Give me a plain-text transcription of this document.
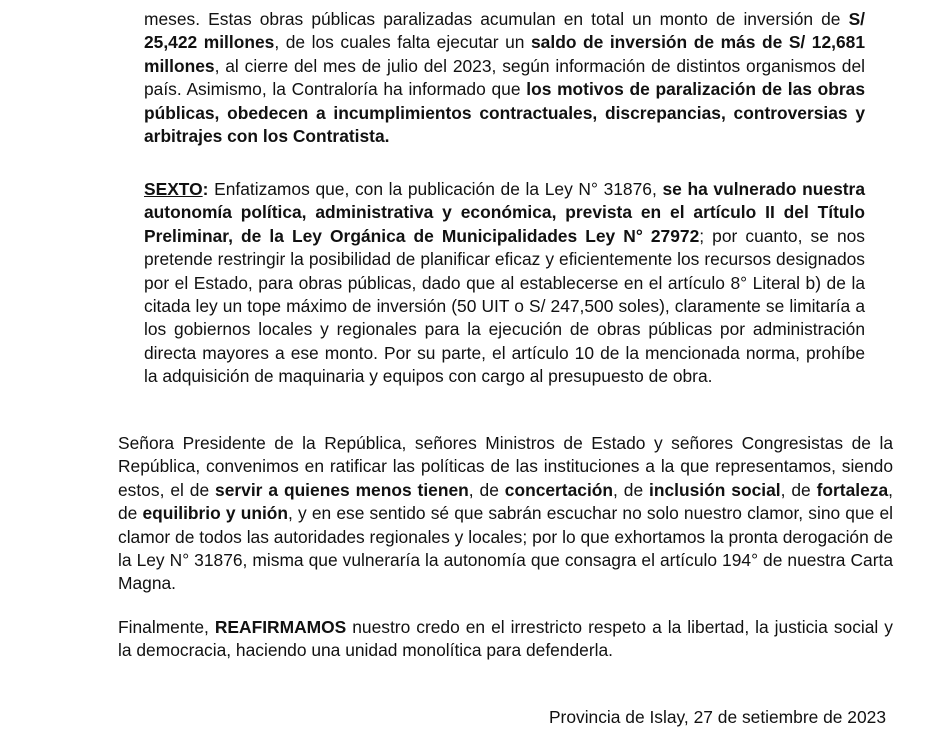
meses. Estas obras públicas paralizadas acumulan en total un monto de inversión de S/ 25,422 millones, de los cuales falta ejecutar un saldo de inversión de más de S/ 12,681 millones, al cierre del mes de julio del 2023, según información de distintos organismos del país. Asimismo, la Contraloría ha informado que los motivos de paralización de las obras públicas, obedecen a incumplimientos contractuales, discrepancias, controversias y arbitrajes con los Contratista.

SEXTO: Enfatizamos que, con la publicación de la Ley N° 31876, se ha vulnerado nuestra autonomía política, administrativa y económica, prevista en el artículo II del Título Preliminar, de la Ley Orgánica de Municipalidades Ley N° 27972; por cuanto, se nos pretende restringir la posibilidad de planificar eficaz y eficientemente los recursos designados por el Estado, para obras públicas, dado que al establecerse en el artículo 8° Literal b) de la citada ley un tope máximo de inversión (50 UIT o S/ 247,500 soles), claramente se limitaría a los gobiernos locales y regionales para la ejecución de obras públicas por administración directa mayores a ese monto. Por su parte, el artículo 10 de la mencionada norma, prohíbe la adquisición de maquinaria y equipos con cargo al presupuesto de obra.

Señora Presidente de la República, señores Ministros de Estado y señores Congresistas de la República, convenimos en ratificar las políticas de las instituciones a la que representamos, siendo estos, el de servir a quienes menos tienen, de concertación, de inclusión social, de fortaleza, de equilibrio y unión, y en ese sentido sé que sabrán escuchar no solo nuestro clamor, sino que el clamor de todos las autoridades regionales y locales; por lo que exhortamos la pronta derogación de la Ley N° 31876, misma que vulneraría la autonomía que consagra el artículo 194° de nuestra Carta Magna.

Finalmente, REAFIRMAMOS nuestro credo en el irrestricto respeto a la libertad, la justicia social y la democracia, haciendo una unidad monolítica para defenderla.

Provincia de Islay, 27 de setiembre de 2023
